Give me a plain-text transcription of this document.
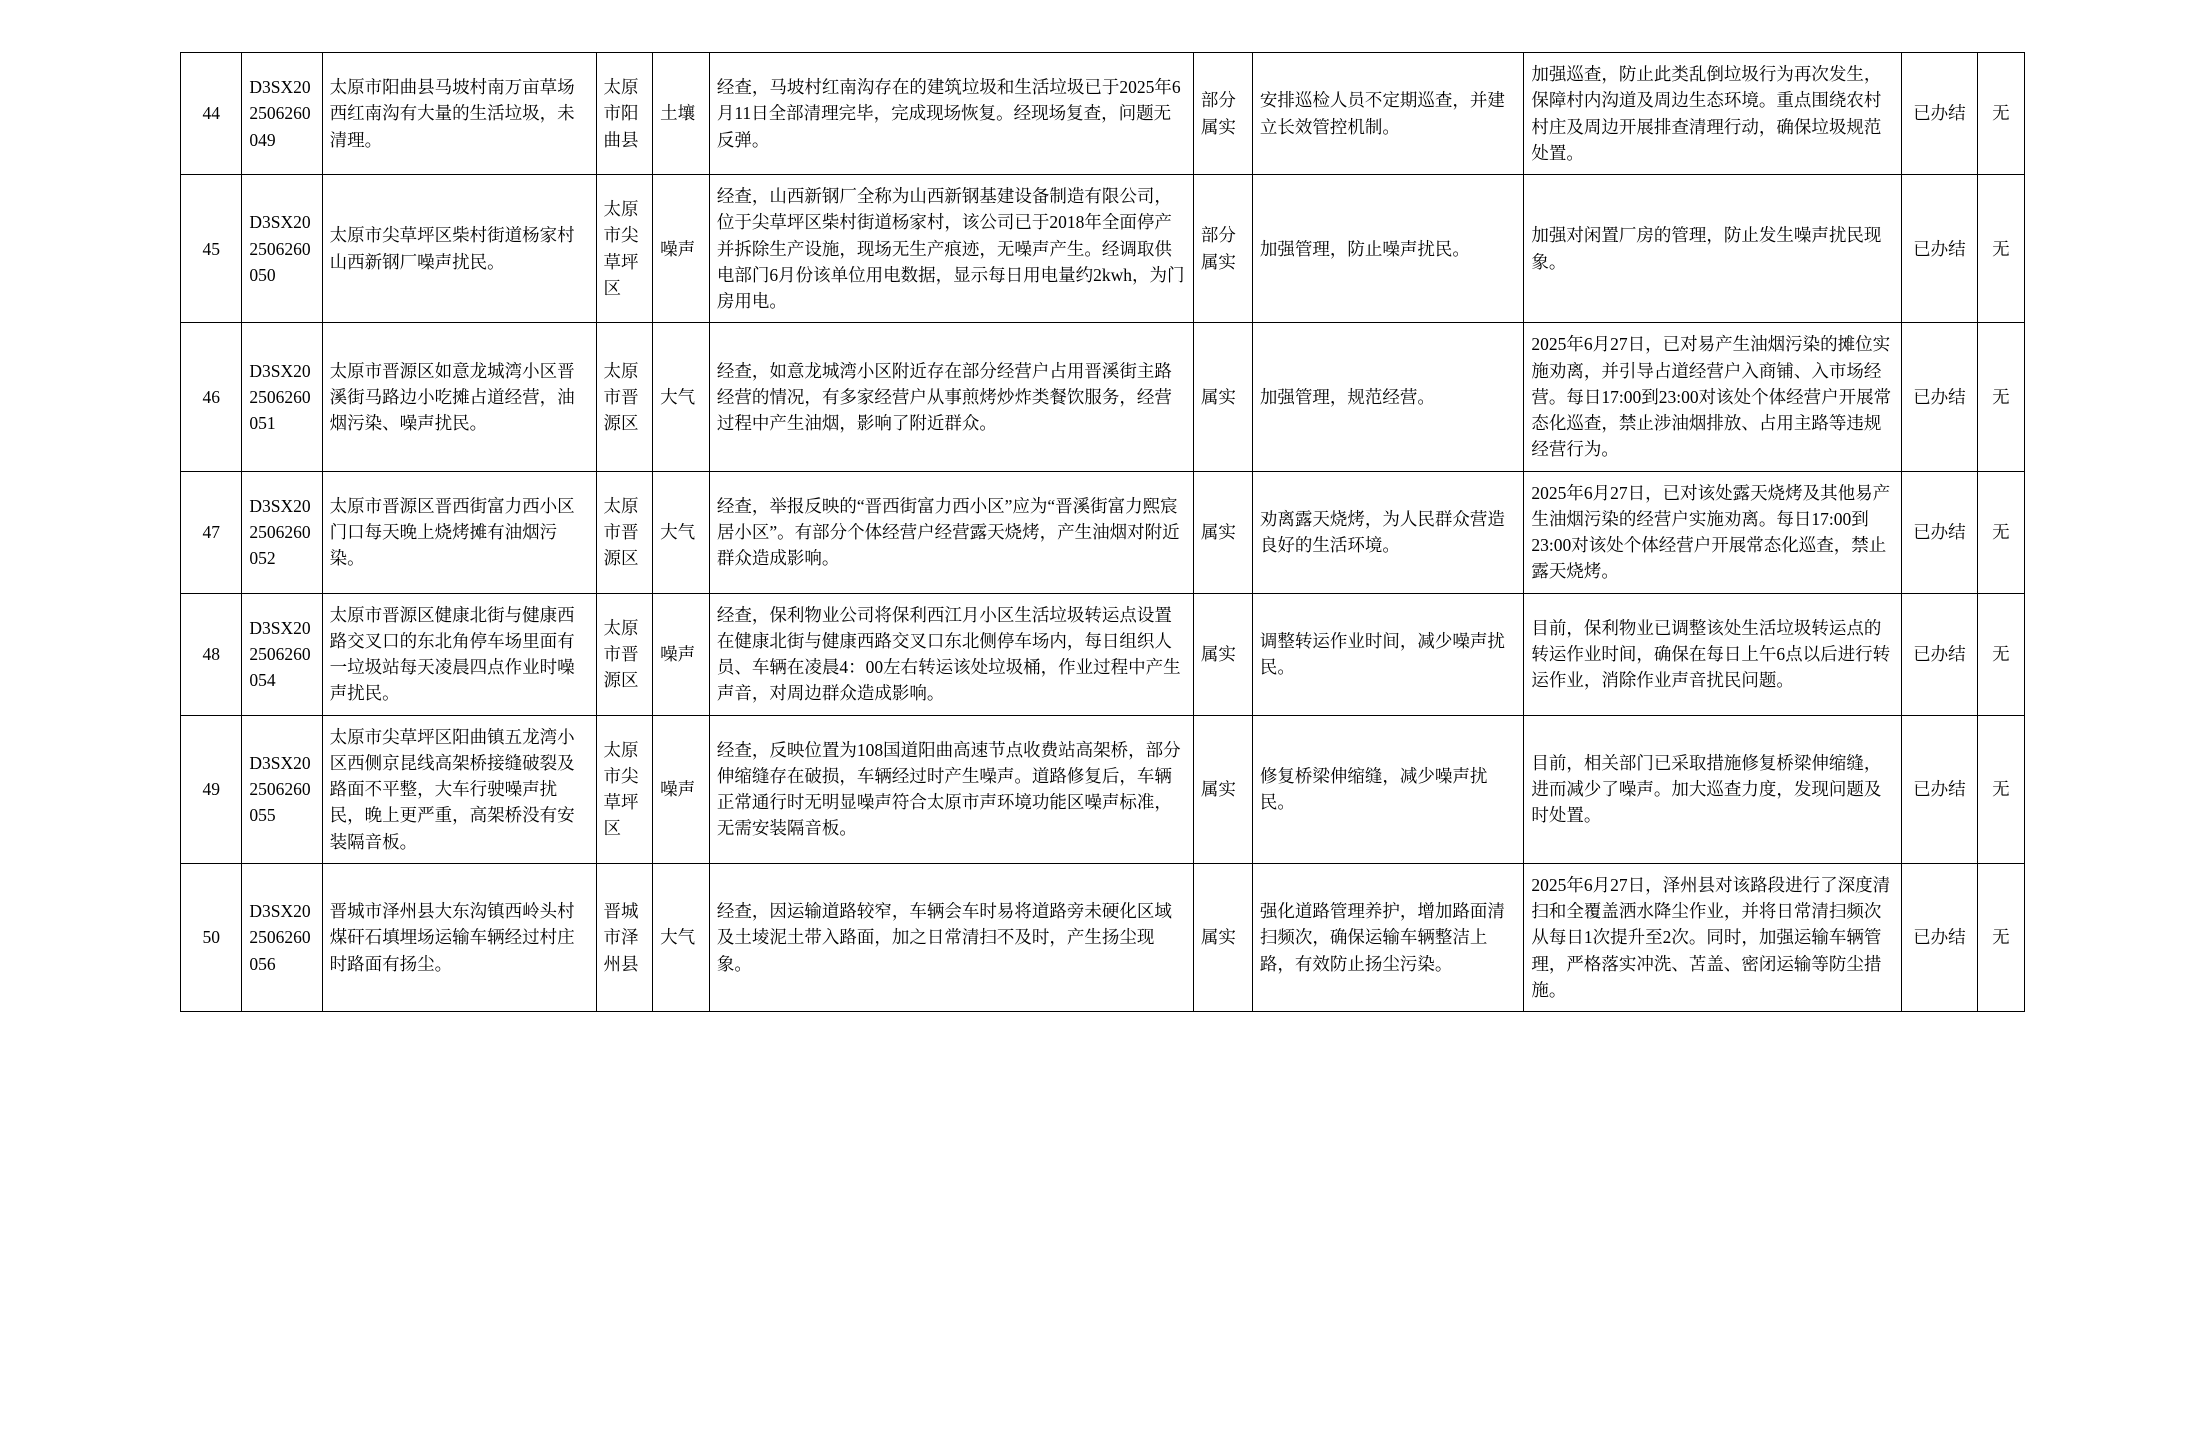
44	D3SX202506260049	太原市阳曲县马坡村南万亩草场西红南沟有大量的生活垃圾，未清理。	太原市阳曲县	土壤	经查，马坡村红南沟存在的建筑垃圾和生活垃圾已于2025年6月11日全部清理完毕，完成现场恢复。经现场复查，问题无反弹。	部分属实	安排巡检人员不定期巡查，并建立长效管控机制。	加强巡查，防止此类乱倒垃圾行为再次发生，保障村内沟道及周边生态环境。重点围绕农村村庄及周边开展排查清理行动，确保垃圾规范处置。	已办结	无
45	D3SX202506260050	太原市尖草坪区柴村街道杨家村山西新钢厂噪声扰民。	太原市尖草坪区	噪声	经查，山西新钢厂全称为山西新钢基建设备制造有限公司，位于尖草坪区柴村街道杨家村，该公司已于2018年全面停产并拆除生产设施，现场无生产痕迹，无噪声产生。经调取供电部门6月份该单位用电数据，显示每日用电量约2kwh，为门房用电。	部分属实	加强管理，防止噪声扰民。	加强对闲置厂房的管理，防止发生噪声扰民现象。	已办结	无
46	D3SX202506260051	太原市晋源区如意龙城湾小区晋溪街马路边小吃摊占道经营，油烟污染、噪声扰民。	太原市晋源区	大气	经查，如意龙城湾小区附近存在部分经营户占用晋溪街主路经营的情况，有多家经营户从事煎烤炒炸类餐饮服务，经营过程中产生油烟，影响了附近群众。	属实	加强管理，规范经营。	2025年6月27日，已对易产生油烟污染的摊位实施劝离，并引导占道经营户入商铺、入市场经营。每日17:00到23:00对该处个体经营户开展常态化巡查，禁止涉油烟排放、占用主路等违规经营行为。	已办结	无
47	D3SX202506260052	太原市晋源区晋西街富力西小区门口每天晚上烧烤摊有油烟污染。	太原市晋源区	大气	经查，举报反映的“晋西街富力西小区”应为“晋溪街富力熙宸居小区”。有部分个体经营户经营露天烧烤，产生油烟对附近群众造成影响。	属实	劝离露天烧烤，为人民群众营造良好的生活环境。	2025年6月27日，已对该处露天烧烤及其他易产生油烟污染的经营户实施劝离。每日17:00到23:00对该处个体经营户开展常态化巡查，禁止露天烧烤。	已办结	无
48	D3SX202506260054	太原市晋源区健康北街与健康西路交叉口的东北角停车场里面有一垃圾站每天凌晨四点作业时噪声扰民。	太原市晋源区	噪声	经查，保利物业公司将保利西江月小区生活垃圾转运点设置在健康北街与健康西路交叉口东北侧停车场内，每日组织人员、车辆在凌晨4：00左右转运该处垃圾桶，作业过程中产生声音，对周边群众造成影响。	属实	调整转运作业时间，减少噪声扰民。	目前，保利物业已调整该处生活垃圾转运点的转运作业时间，确保在每日上午6点以后进行转运作业，消除作业声音扰民问题。	已办结	无
49	D3SX202506260055	太原市尖草坪区阳曲镇五龙湾小区西侧京昆线高架桥接缝破裂及路面不平整，大车行驶噪声扰民，晚上更严重，高架桥没有安装隔音板。	太原市尖草坪区	噪声	经查，反映位置为108国道阳曲高速节点收费站高架桥，部分伸缩缝存在破损，车辆经过时产生噪声。道路修复后，车辆正常通行时无明显噪声符合太原市声环境功能区噪声标准，无需安装隔音板。	属实	修复桥梁伸缩缝，减少噪声扰民。	目前，相关部门已采取措施修复桥梁伸缩缝，进而减少了噪声。加大巡查力度，发现问题及时处置。	已办结	无
50	D3SX202506260056	晋城市泽州县大东沟镇西岭头村煤矸石填埋场运输车辆经过村庄时路面有扬尘。	晋城市泽州县	大气	经查，因运输道路较窄，车辆会车时易将道路旁未硬化区域及土堎泥土带入路面，加之日常清扫不及时，产生扬尘现象。	属实	强化道路管理养护，增加路面清扫频次，确保运输车辆整洁上路，有效防止扬尘污染。	2025年6月27日，泽州县对该路段进行了深度清扫和全覆盖洒水降尘作业，并将日常清扫频次从每日1次提升至2次。同时，加强运输车辆管理，严格落实冲洗、苫盖、密闭运输等防尘措施。	已办结	无
